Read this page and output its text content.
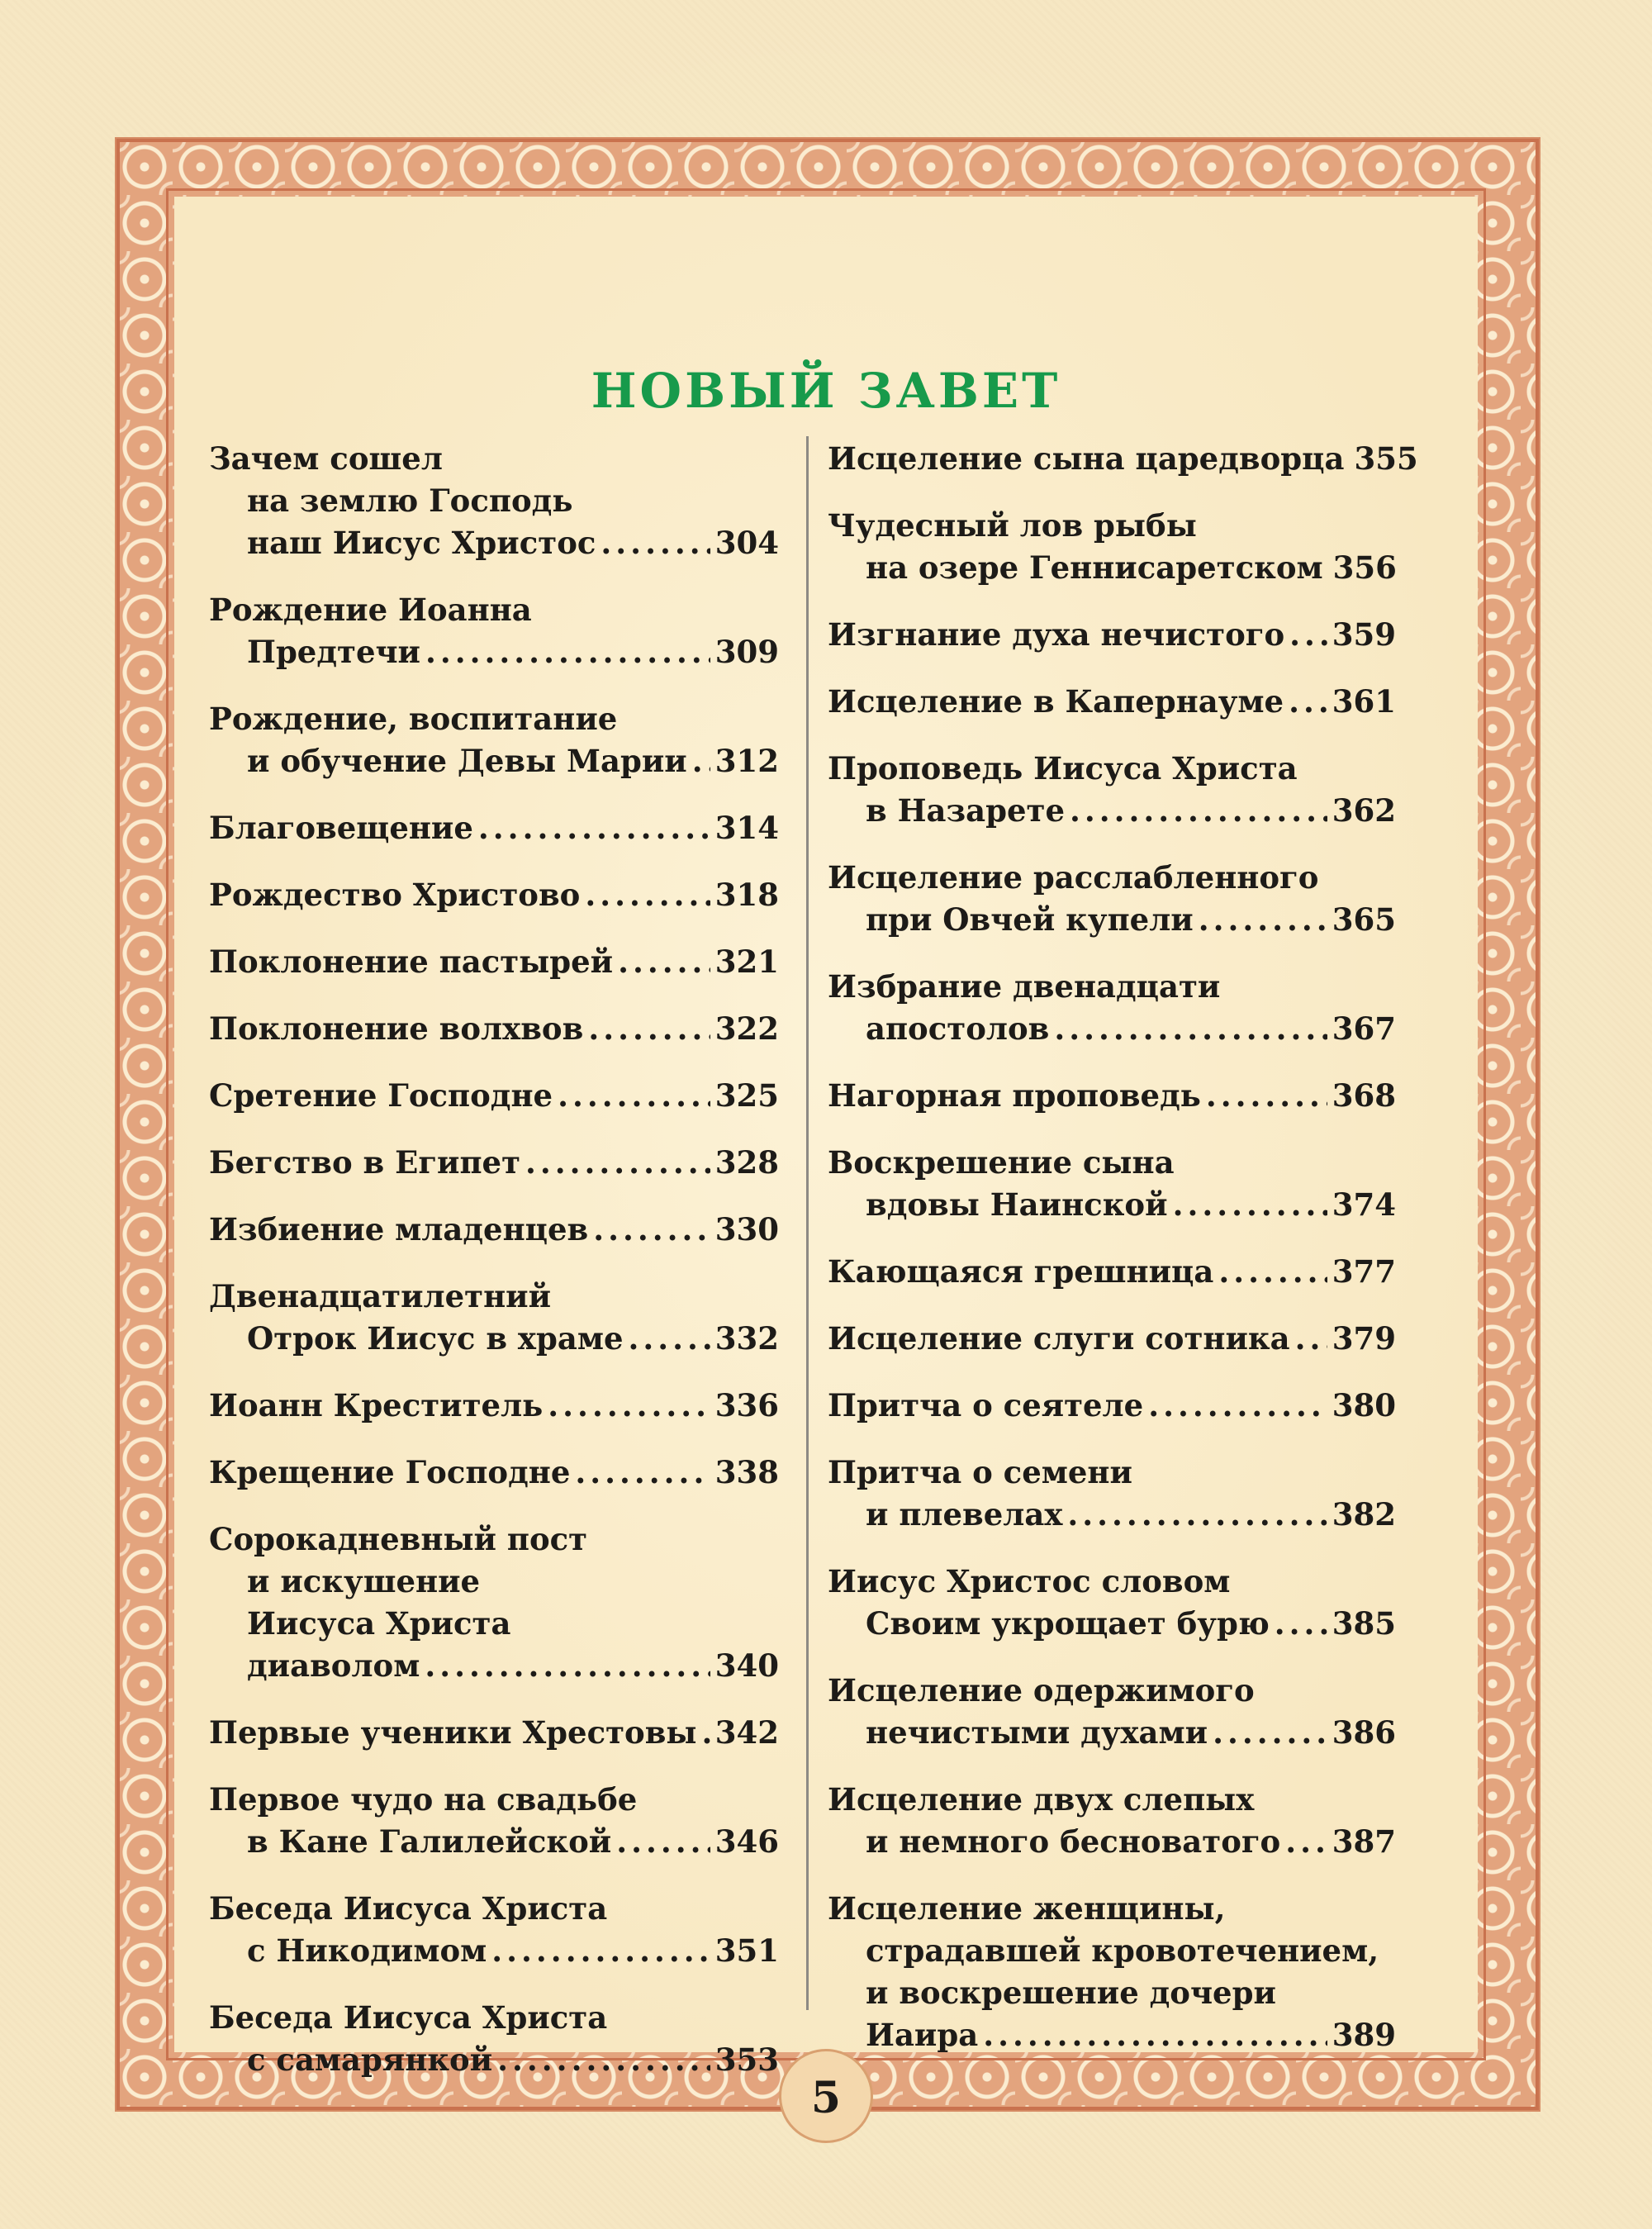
НОВЫЙ ЗАВЕТ
Зачем сошел
на землю Господь
наш Иисус Христос .....	304
Рождение Иоанна
Предтечи .....	309
Рождение, воспитание
и обучение Девы Марии ..... 312
Благовещение .....	314
Рождество Христово .....	318
Поклонение пастырей .....	321
Поклонение волхвов .....	322
Сретение Господне .....	325
Бегство в Египет .....	328
Избиение младенцев .....	330
Двенадцатилетний
Отрок Иисус в храме .....	332
Иоанн Креститель .....	336
Крещение Господне .....	338
Сорокадневный пост
и искушение
Иисуса Христа
диаволом .....	340
Первые ученики Хрестовы ..... 342
Первое чудо на свадьбе
в Кане Галилейской .....	346
Беседа Иисуса Христа
с Никодимом .....	351
Беседа Иисуса Христа
с самарянкой .....	353
Исцеление сына царедворца 355
Чудесный лов рыбы
на озере Геннисаретском 356
Изгнание духа нечистого ..... 359
Исцеление в Капернауме ..... 361
Проповедь Иисуса Христа
в Назарете .....	362
Исцеление расслабленного
при Овчей купели .....	365
Избрание двенадцати
апостолов .....	367
Нагорная проповедь .....	368
Воскрешение сына
вдовы Наинской .....	374
Кающаяся грешница .....	377
Исцеление слуги сотника ..... 379
Притча о сеятеле .....	380
Притча о семени
и плевелах .....	382
Иисус Христос словом
Своим укрощает бурю ..... 385
Исцеление одержимого
нечистыми духами .....	386
Исцеление двух слепых
и немного бесноватого ..... 387
Исцеление женщины,
страдавшей кровотечением,
и воскрешение дочери
Иаира .....	389
5
